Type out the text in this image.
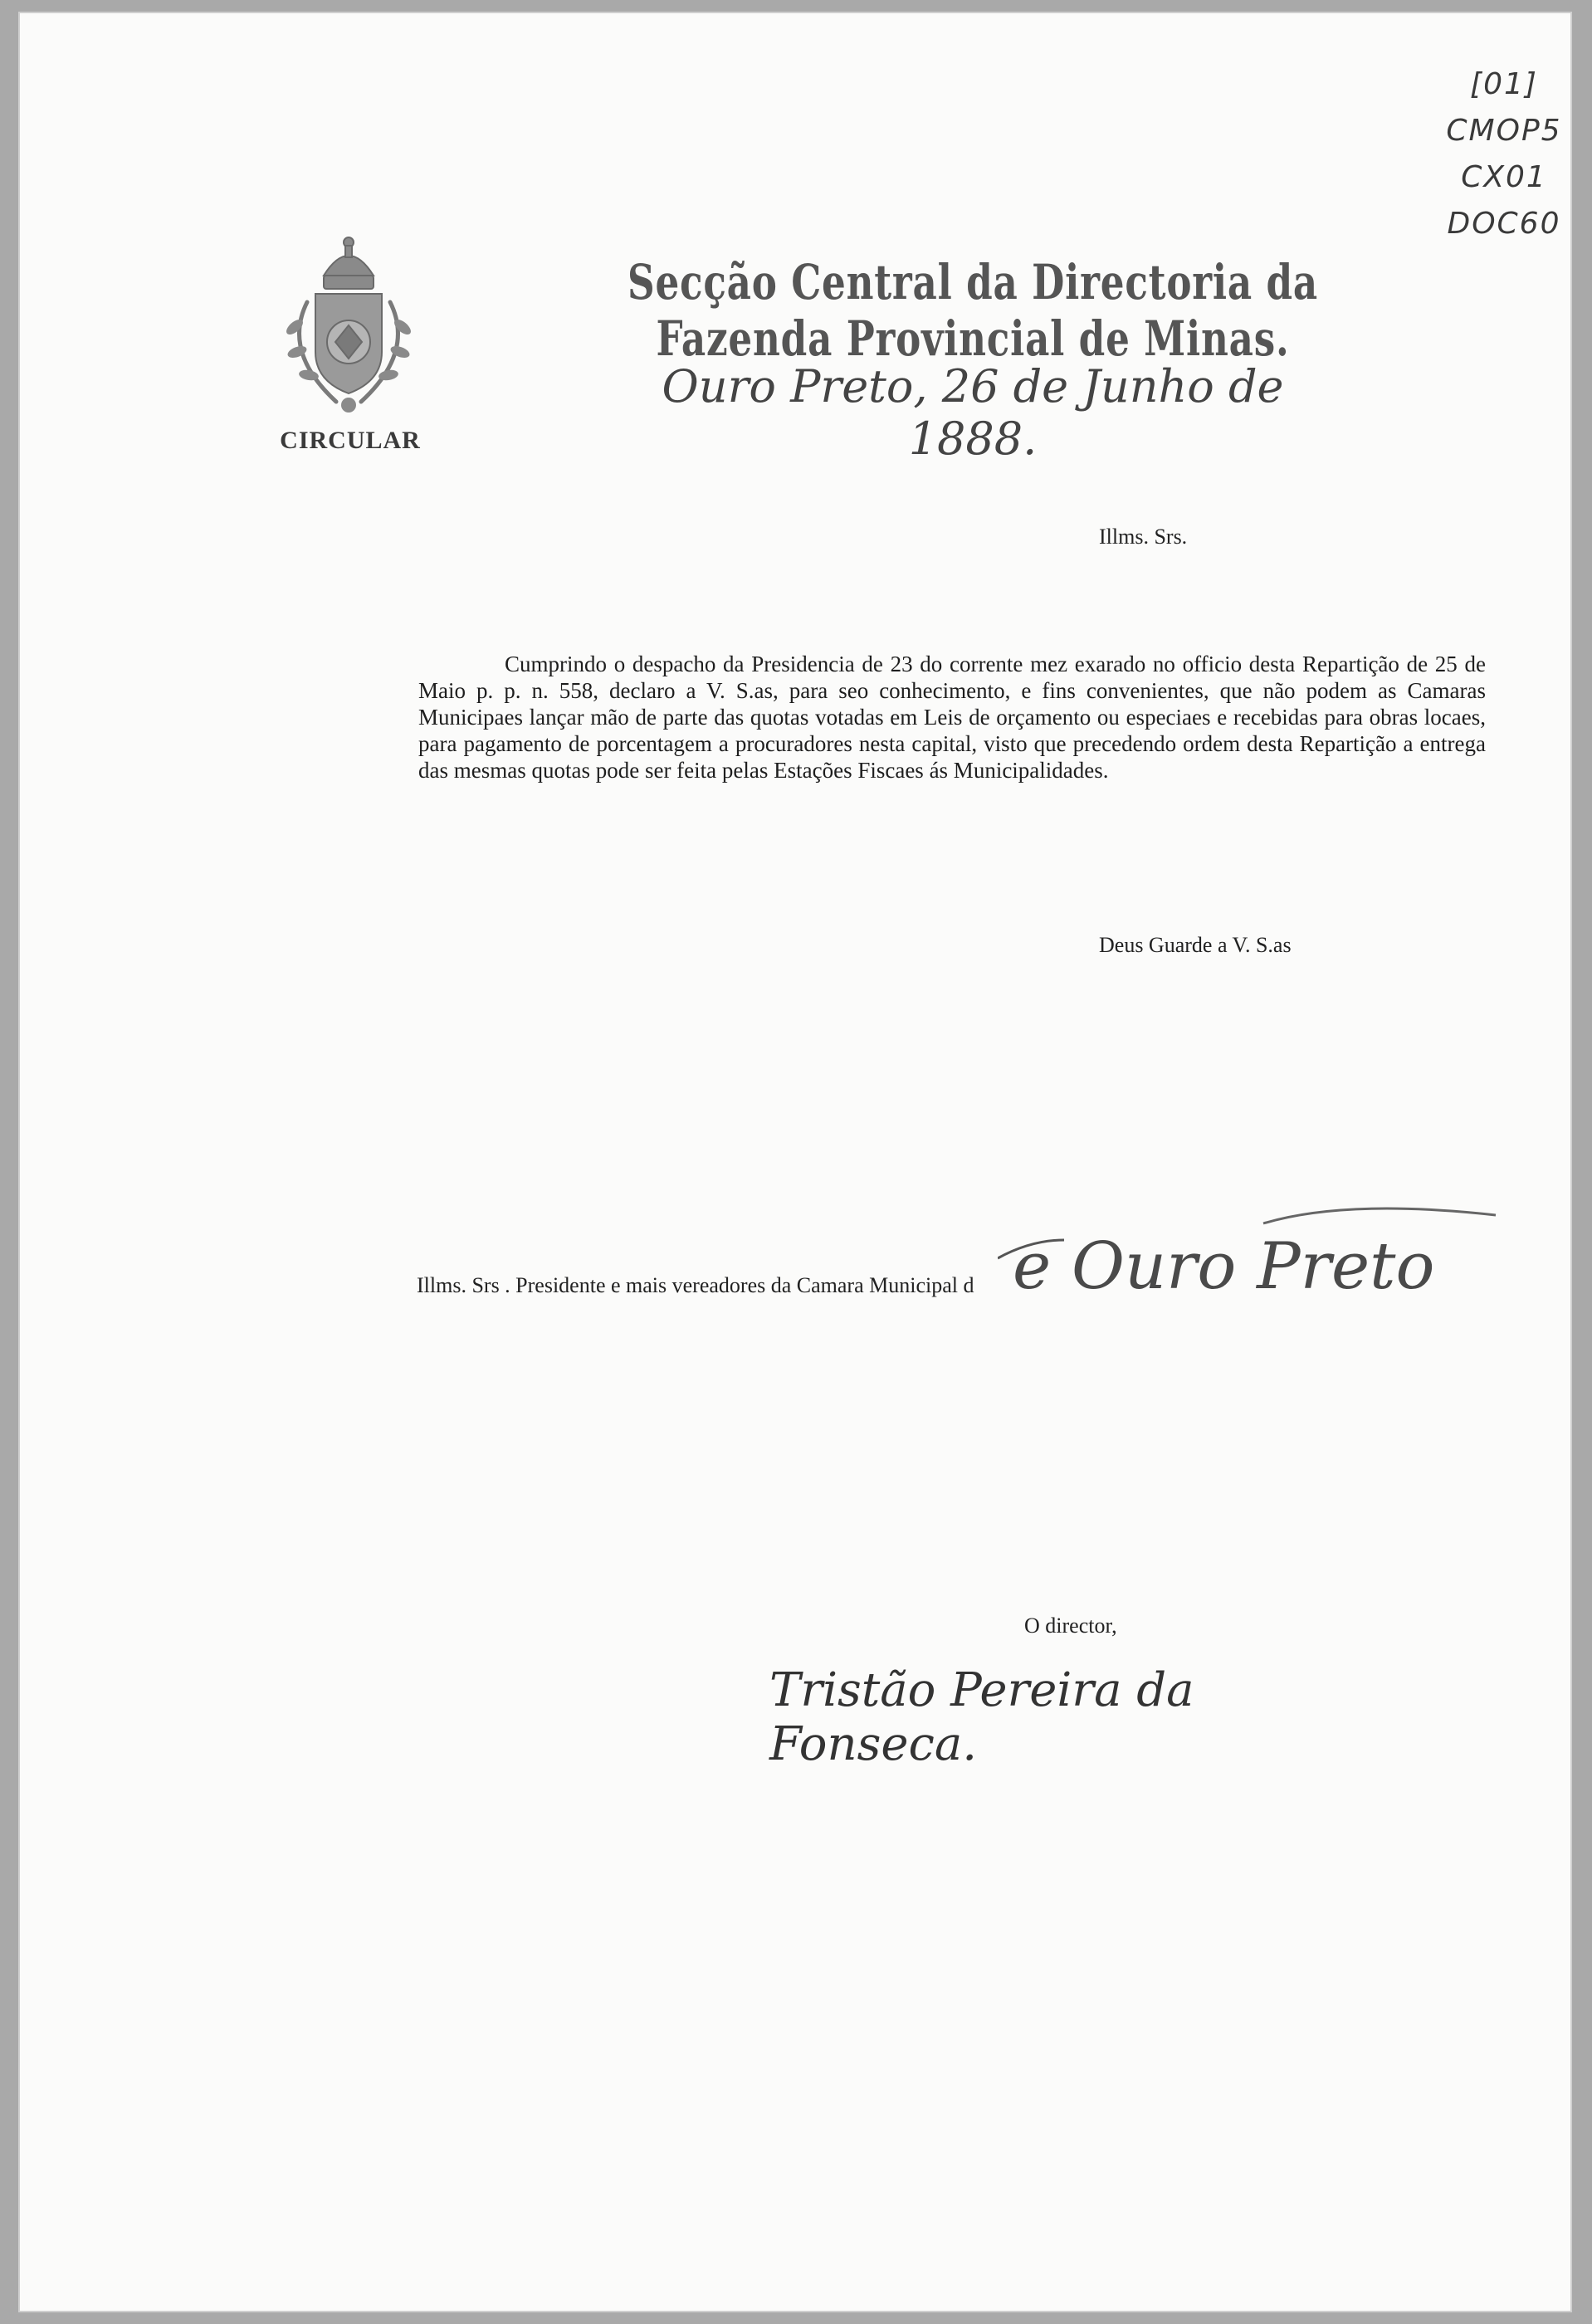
[01]
CMOP5
CX01
DOC60
CIRCULAR
Secção Central da Directoria da Fazenda Provincial de Minas.
Ouro Preto, 26 de Junho de 1888.
Illms. Srs.
Cumprindo o despacho da Presidencia de 23 do corrente mez exarado no officio desta Repartição de 25 de Maio p. p. n. 558, declaro a V. S.as, para seo conhecimento, e fins convenientes, que não podem as Camaras Municipaes lançar mão de parte das quotas votadas em Leis de orçamento ou especiaes e recebidas para obras locaes, para pagamento de porcentagem a procuradores nesta capital, visto que precedendo ordem desta Repartição a entrega das mesmas quotas pode ser feita pelas Estações Fiscaes ás Municipalidades.
Deus Guarde a V. S.as
Illms. Srs . Presidente e mais vereadores da Camara Municipal d e Ouro Preto
O director,
Tristão Pereira da Fonseca.
